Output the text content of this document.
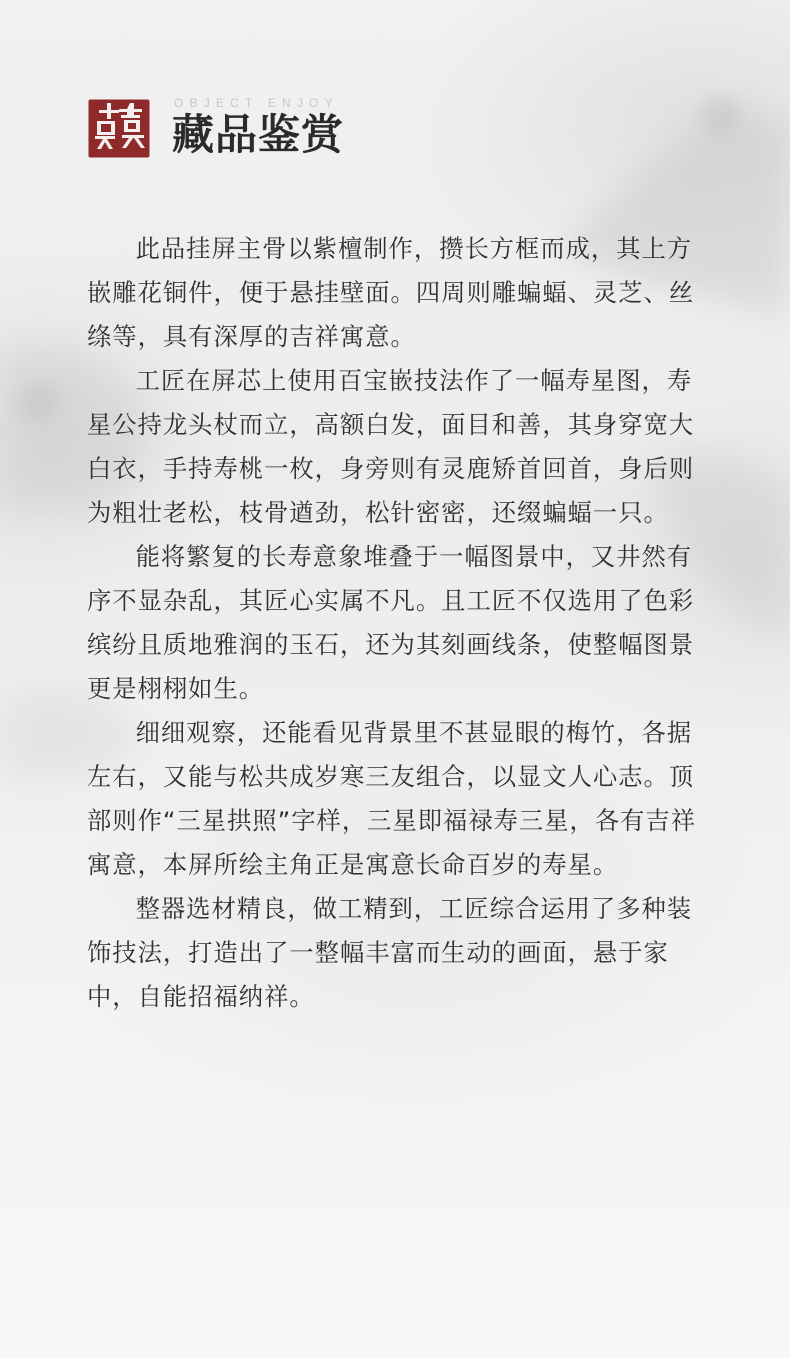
OBJECT ENJOY
藏品鉴赏

此品挂屏主骨以紫檀制作，攒长方框而成，其上方嵌雕花铜件，便于悬挂壁面。四周则雕蝙蝠、灵芝、丝绦等，具有深厚的吉祥寓意。

工匠在屏芯上使用百宝嵌技法作了一幅寿星图，寿星公持龙头杖而立，高额白发，面目和善，其身穿宽大白衣，手持寿桃一枚，身旁则有灵鹿矫首回首，身后则为粗壮老松，枝骨遒劲，松针密密，还缀蝙蝠一只。

能将繁复的长寿意象堆叠于一幅图景中，又井然有序不显杂乱，其匠心实属不凡。且工匠不仅选用了色彩缤纷且质地雅润的玉石，还为其刻画线条，使整幅图景更是栩栩如生。

细细观察，还能看见背景里不甚显眼的梅竹，各据左右，又能与松共成岁寒三友组合，以显文人心志。顶部则作“三星拱照”字样，三星即福禄寿三星，各有吉祥寓意，本屏所绘主角正是寓意长命百岁的寿星。

整器选材精良，做工精到，工匠综合运用了多种装饰技法，打造出了一整幅丰富而生动的画面，悬于家中，自能招福纳祥。
